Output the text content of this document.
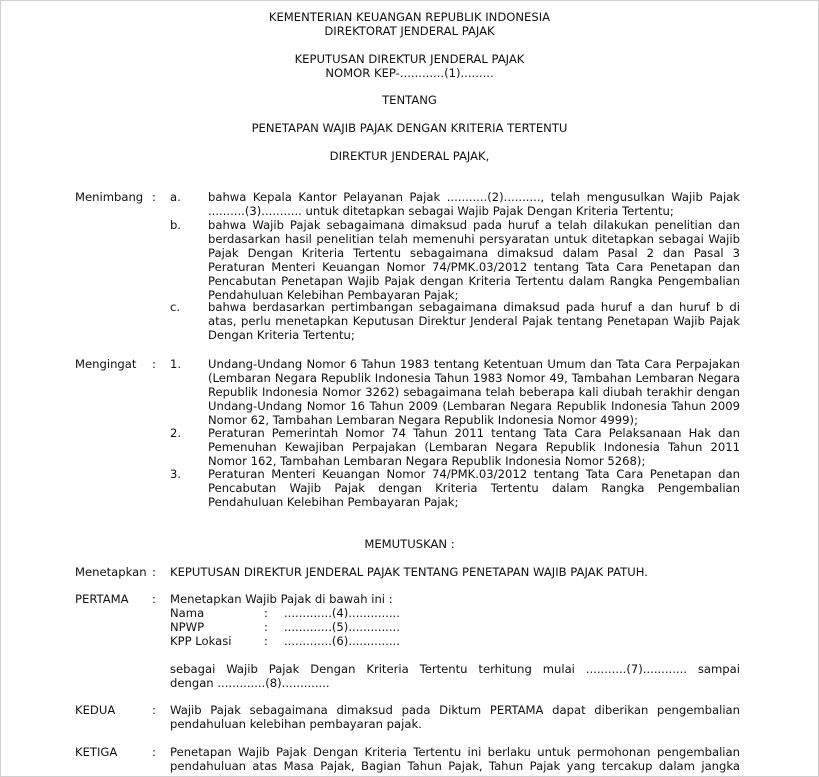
KEMENTERIAN KEUANGAN REPUBLIK INDONESIA
DIREKTORAT JENDERAL PAJAK
KEPUTUSAN DIREKTUR JENDERAL PAJAK
NOMOR KEP-............(1).........
TENTANG
PENETAPAN WAJIB PAJAK DENGAN KRITERIA TERTENTU
DIREKTUR JENDERAL PAJAK,
Menimbang : a. bahwa Kepala Kantor Pelayanan Pajak ...........(2).........., telah mengusulkan Wajib Pajak
..........(3)........... untuk ditetapkan sebagai Wajib Pajak Dengan Kriteria Tertentu;
b. bahwa Wajib Pajak sebagaimana dimaksud pada huruf a telah dilakukan penelitian dan
berdasarkan hasil penelitian telah memenuhi persyaratan untuk ditetapkan sebagai Wajib
Pajak Dengan Kriteria Tertentu sebagaimana dimaksud dalam Pasal 2 dan Pasal 3
Peraturan Menteri Keuangan Nomor 74/PMK.03/2012 tentang Tata Cara Penetapan dan
Pencabutan Penetapan Wajib Pajak dengan Kriteria Tertentu dalam Rangka Pengembalian
Pendahuluan Kelebihan Pembayaran Pajak;
c. bahwa berdasarkan pertimbangan sebagaimana dimaksud pada huruf a dan huruf b di
atas, perlu menetapkan Keputusan Direktur Jenderal Pajak tentang Penetapan Wajib Pajak
Dengan Kriteria Tertentu;
Mengingat : 1. Undang-Undang Nomor 6 Tahun 1983 tentang Ketentuan Umum dan Tata Cara Perpajakan
(Lembaran Negara Republik Indonesia Tahun 1983 Nomor 49, Tambahan Lembaran Negara
Republik Indonesia Nomor 3262) sebagaimana telah beberapa kali diubah terakhir dengan
Undang-Undang Nomor 16 Tahun 2009 (Lembaran Negara Republik Indonesia Tahun 2009
Nomor 62, Tambahan Lembaran Negara Republik Indonesia Nomor 4999);
2. Peraturan Pemerintah Nomor 74 Tahun 2011 tentang Tata Cara Pelaksanaan Hak dan
Pemenuhan Kewajiban Perpajakan (Lembaran Negara Republik Indonesia Tahun 2011
Nomor 162, Tambahan Lembaran Negara Republik Indonesia Nomor 5268);
3. Peraturan Menteri Keuangan Nomor 74/PMK.03/2012 tentang Tata Cara Penetapan dan
Pencabutan Wajib Pajak dengan Kriteria Tertentu dalam Rangka Pengembalian
Pendahuluan Kelebihan Pembayaran Pajak;
MEMUTUSKAN :
Menetapkan : KEPUTUSAN DIREKTUR JENDERAL PAJAK TENTANG PENETAPAN WAJIB PAJAK PATUH.
PERTAMA : Menetapkan Wajib Pajak di bawah ini :
Nama	: .............(4)..............
NPWP	: .............(5)..............
KPP Lokasi	: .............(6)..............
sebagai Wajib Pajak Dengan Kriteria Tertentu terhitung mulai ...........(7)............ sampai
dengan .............(8).............
KEDUA	: Wajib Pajak sebagaimana dimaksud pada Diktum PERTAMA dapat diberikan pengembalian
pendahuluan kelebihan pembayaran pajak.
KETIGA	: Penetapan Wajib Pajak Dengan Kriteria Tertentu ini berlaku untuk permohonan pengembalian
pendahuluan atas Masa Pajak, Bagian Tahun Pajak, Tahun Pajak yang tercakup dalam jangka
